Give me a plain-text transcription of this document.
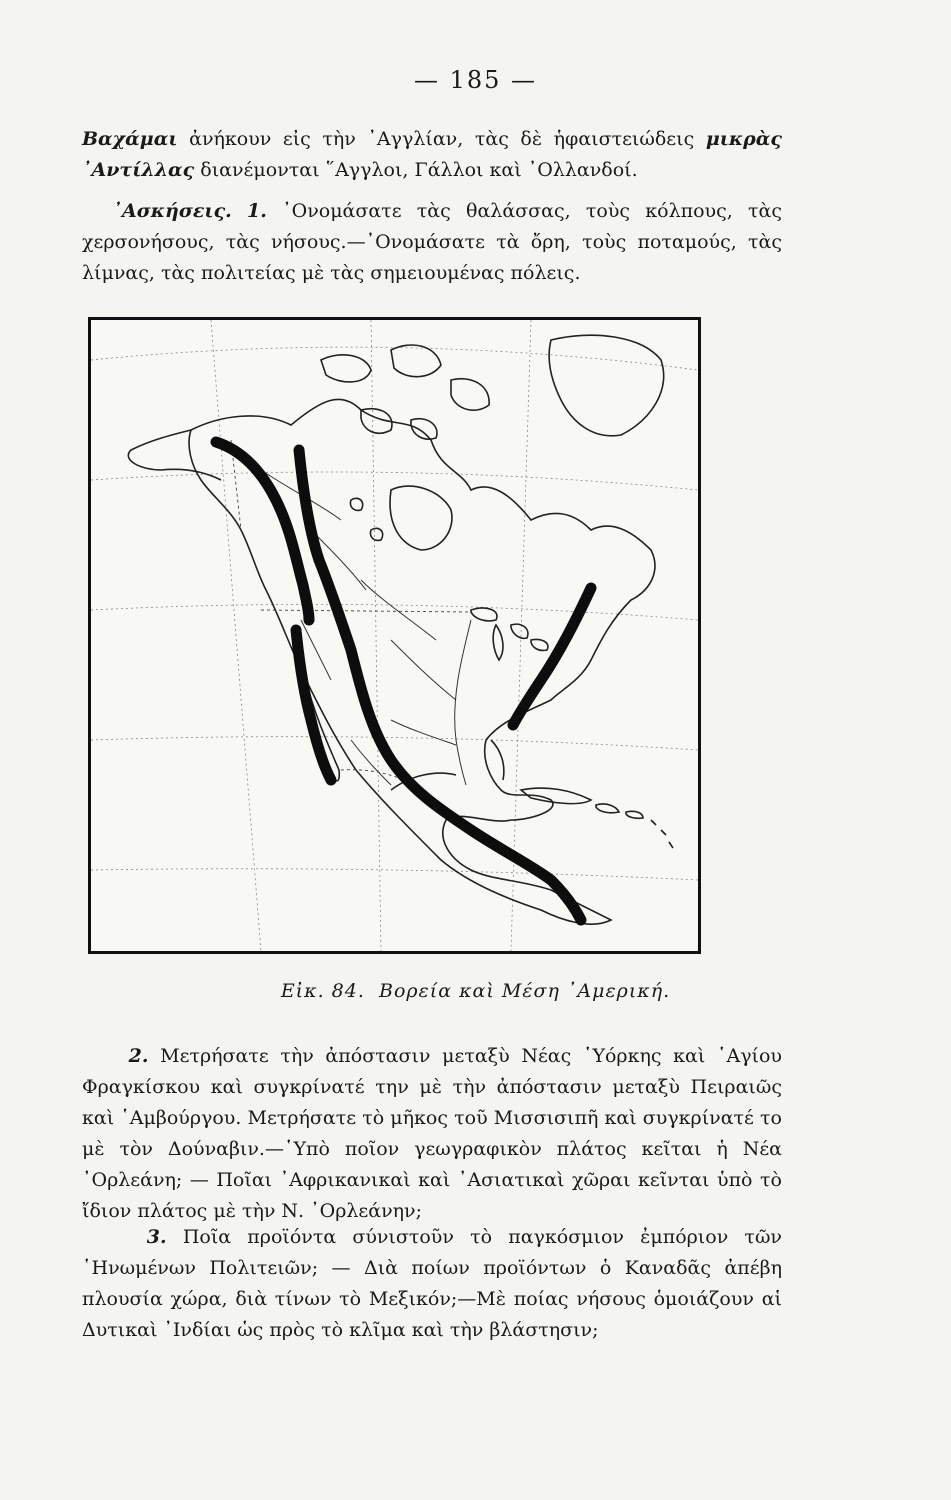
— 185 —
Βαχάμαι ἀνήκουν εἰς τὴν ᾿Αγγλίαν, τὰς δὲ ἡφαιστειώδεις μικρὰς ᾿Αντίλλας διανέμονται ῞Αγγλοι, Γάλλοι καὶ ᾿Ολλανδοί.
᾿Ασκήσεις. 1. ᾿Ονομάσατε τὰς θαλάσσας, τοὺς κόλπους, τὰς χερσονήσους, τὰς νήσους.—᾿Ονομάσατε τὰ ὄρη, τοὺς ποταμούς, τὰς λίμνας, τὰς πολιτείας μὲ τὰς σημειουμένας πόλεις.
Εἰκ. 84. Βορεία καὶ Μέση ᾿Αμερική.
2. Μετρήσατε τὴν ἀπόστασιν μεταξὺ Νέας ῾Υόρκης καὶ ῾Αγίου Φραγκίσκου καὶ συγκρίνατέ την μὲ τὴν ἀπόστασιν μεταξὺ Πειραιῶς καὶ ῾Αμβούργου. Μετρήσατε τὸ μῆκος τοῦ Μισσισιπῆ καὶ συγκρίνατέ το μὲ τὸν Δούναβιν.—῾Υπὸ ποῖον γεωγραφικὸν πλάτος κεῖται ἡ Νέα ᾿Ορλεάνη; — Ποῖαι ᾿Αφρικανικαὶ καὶ ᾿Ασιατικαὶ χῶραι κεῖνται ὑπὸ τὸ ἴδιον πλάτος μὲ τὴν Ν. ᾿Ορλεάνην;
3. Ποῖα προϊόντα σύνιστοῦν τὸ παγκόσμιον ἐμπόριον τῶν ῾Ηνωμένων Πολιτειῶν; — Διὰ ποίων προϊόντων ὁ Καναδᾶς ἀπέβη πλουσία χώρα, διὰ τίνων τὸ Μεξικόν;—Μὲ ποίας νήσους ὁμοιάζουν αἱ Δυτικαὶ ᾿Ινδίαι ὡς πρὸς τὸ κλῖμα καὶ τὴν βλάστησιν;
